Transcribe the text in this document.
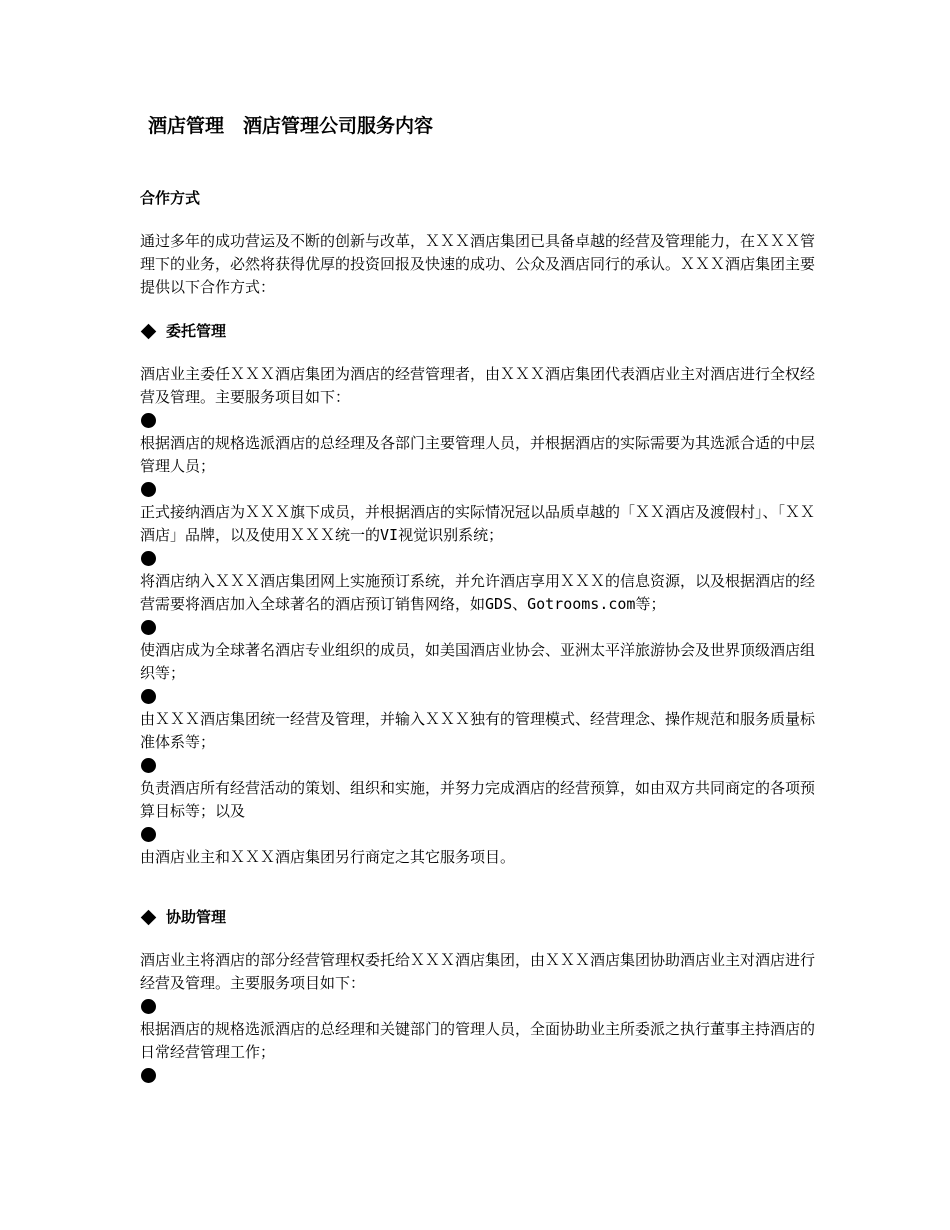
酒店管理　酒店管理公司服务内容
合作方式

通过多年的成功营运及不断的创新与改革，ＸＸＸ酒店集团已具备卓越的经营及管理能力，在ＸＸＸ管理下的业务，必然将获得优厚的投资回报及快速的成功、公众及酒店同行的承认。ＸＸＸ酒店集团主要提供以下合作方式：

委托管理

酒店业主委任ＸＸＸ酒店集团为酒店的经营管理者，由ＸＸＸ酒店集团代表酒店业主对酒店进行全权经营及管理。主要服务项目如下：

根据酒店的规格选派酒店的总经理及各部门主要管理人员，并根据酒店的实际需要为其选派合适的中层管理人员；

正式接纳酒店为ＸＸＸ旗下成员，并根据酒店的实际情况冠以品质卓越的「ＸＸ酒店及渡假村」、「ＸＸ酒店」品牌，以及使用ＸＸＸ统一的VI视觉识别系统；

将酒店纳入ＸＸＸ酒店集团网上实施预订系统，并允许酒店享用ＸＸＸ的信息资源，以及根据酒店的经营需要将酒店加入全球著名的酒店预订销售网络，如GDS、Gotrooms.com等；

使酒店成为全球著名酒店专业组织的成员，如美国酒店业协会、亚洲太平洋旅游协会及世界顶级酒店组织等；

由ＸＸＸ酒店集团统一经营及管理，并输入ＸＸＸ独有的管理模式、经营理念、操作规范和服务质量标准体系等；

负责酒店所有经营活动的策划、组织和实施，并努力完成酒店的经营预算，如由双方共同商定的各项预算目标等；以及

由酒店业主和ＸＸＸ酒店集团另行商定之其它服务项目。

协助管理

酒店业主将酒店的部分经营管理权委托给ＸＸＸ酒店集团，由ＸＸＸ酒店集团协助酒店业主对酒店进行经营及管理。主要服务项目如下：

根据酒店的规格选派酒店的总经理和关键部门的管理人员，全面协助业主所委派之执行董事主持酒店的日常经营管理工作；
